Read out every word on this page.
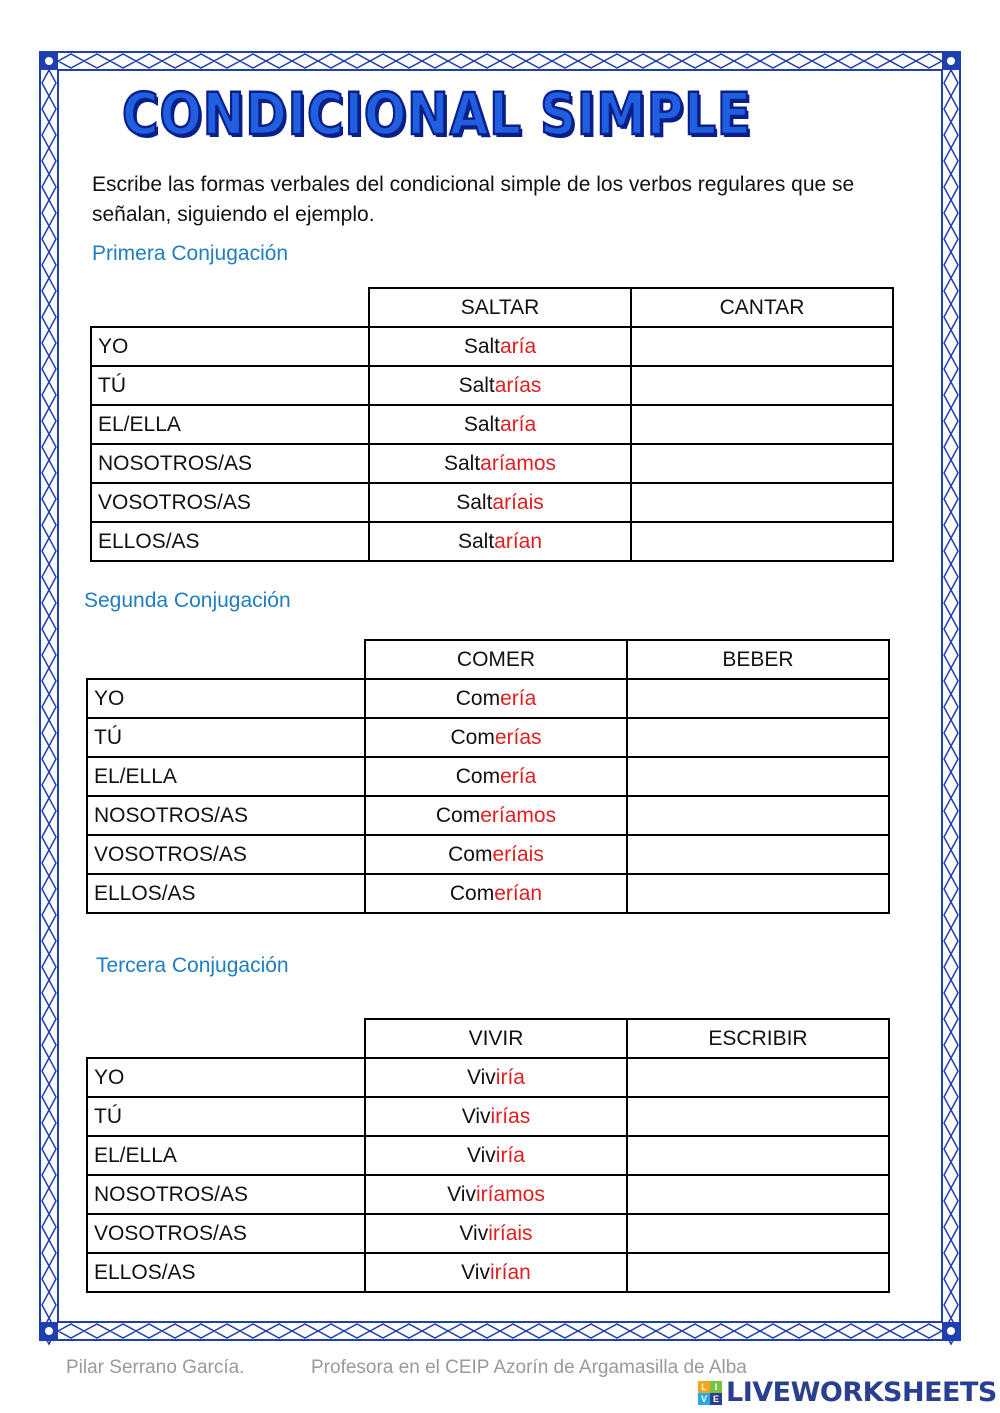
CONDICIONAL SIMPLE

Escribe las formas verbales del condicional simple de los verbos regulares que se señalan, siguiendo el ejemplo.

Primera Conjugación
	SALTAR	CANTAR
YO	Saltaría	
TÚ	Saltarías	
EL/ELLA	Saltaría	
NOSOTROS/AS	Saltaríamos	
VOSOTROS/AS	Saltaríais	
ELLOS/AS	Saltarían	
Segunda Conjugación
	COMER	BEBER
YO	Comería	
TÚ	Comerías	
EL/ELLA	Comería	
NOSOTROS/AS	Comeríamos	
VOSOTROS/AS	Comeríais	
ELLOS/AS	Comerían	
Tercera Conjugación
	VIVIR	ESCRIBIR
YO	Viviría	
TÚ	Vivirías	
EL/ELLA	Viviría	
NOSOTROS/AS	Viviríamos	
VOSOTROS/AS	Viviríais	
ELLOS/AS	Vivirían	
Pilar Serrano García.	Profesora en el CEIP Azorín de Argamasilla de Alba
L I
V E LIVEWORKSHEETS
